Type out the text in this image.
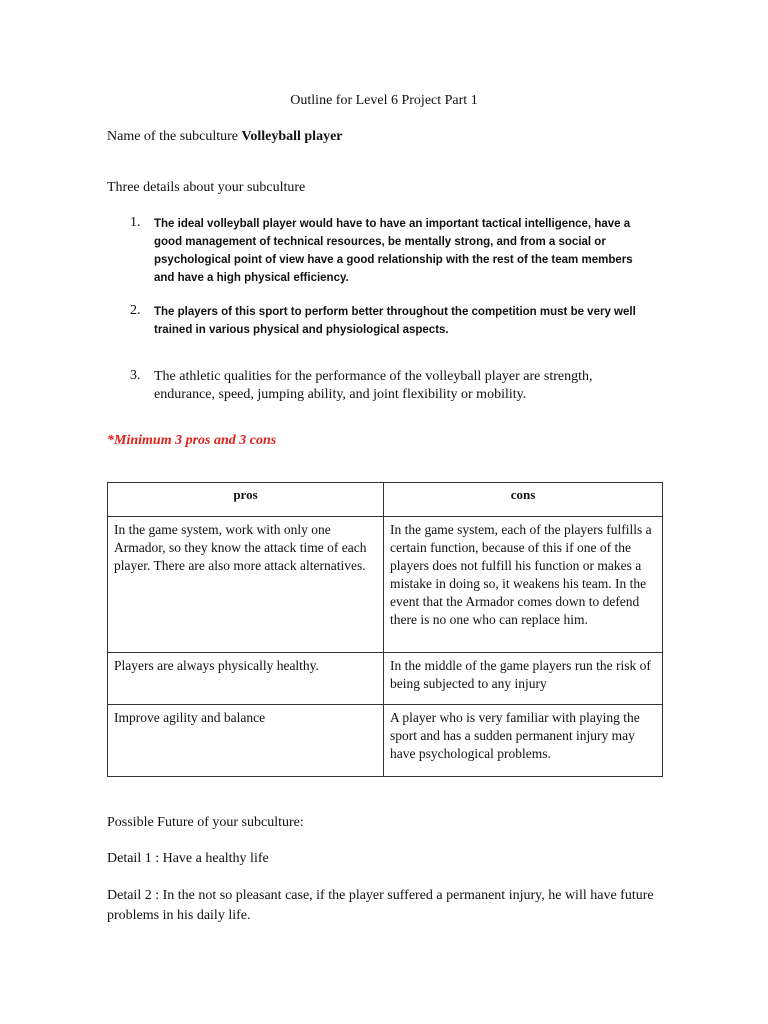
Outline for Level 6 Project Part 1
Name of the subculture Volleyball player
Three details about your subculture
1. The ideal volleyball player would have to have an important tactical intelligence, have a good management of technical resources, be mentally strong, and from a social or psychological point of view have a good relationship with the rest of the team members and have a high physical efficiency.
2. The players of this sport to perform better throughout the competition must be very well trained in various physical and physiological aspects.
3. The athletic qualities for the performance of the volleyball player are strength, endurance, speed, jumping ability, and joint flexibility or mobility.
*Minimum 3 pros and 3 cons
pros	cons
In the game system, work with only one Armador, so they know the attack time of each player. There are also more attack alternatives.	In the game system, each of the players fulfills a certain function, because of this if one of the players does not fulfill his function or makes a mistake in doing so, it weakens his team. In the event that the Armador comes down to defend there is no one who can replace him.
Players are always physically healthy.	In the middle of the game players run the risk of being subjected to any injury
Improve agility and balance	A player who is very familiar with playing the sport and has a sudden permanent injury may have psychological problems.
Possible Future of your subculture:
Detail 1 : Have a healthy life
Detail 2 : In the not so pleasant case, if the player suffered a permanent injury, he will have future problems in his daily life.
